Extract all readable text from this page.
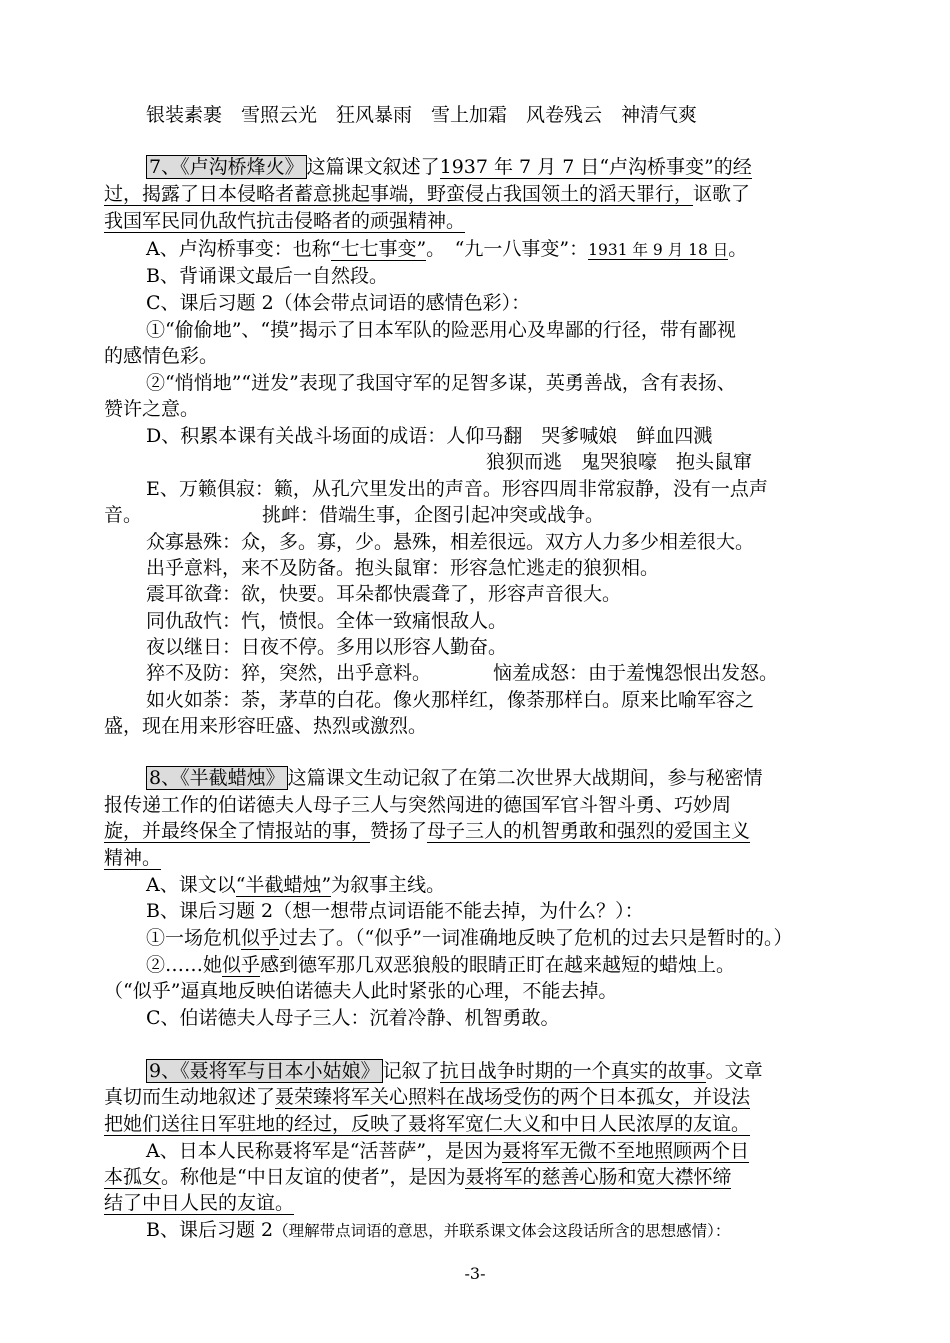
银装素裹　雪照云光　狂风暴雨　雪上加霜　风卷残云　神清气爽
7、《卢沟桥烽火》 这篇课文叙述了1937 年 7 月 7 日“卢沟桥事变”的经
过，揭露了日本侵略者蓄意挑起事端，野蛮侵占我国领土的滔天罪行，讴歌了
我国军民同仇敌忾抗击侵略者的顽强精神。
A、卢沟桥事变：也称“七七事变”。　“九一八事变”：1931 年 9 月 18 日。
B、背诵课文最后一自然段。
C、课后习题 2（体会带点词语的感情色彩）：
①“偷偷地”、“摸”揭示了日本军队的险恶用心及卑鄙的行径，带有鄙视
的感情色彩。
②“悄悄地”“迸发”表现了我国守军的足智多谋，英勇善战，含有表扬、
赞许之意。
D、积累本课有关战斗场面的成语：人仰马翻　哭爹喊娘　鲜血四溅
狼狈而逃　鬼哭狼嚎　抱头鼠窜
E、万籁俱寂：籁，从孔穴里发出的声音。形容四周非常寂静，没有一点声
音。	挑衅：借端生事，企图引起冲突或战争。
众寡悬殊：众，多。寡，少。悬殊，相差很远。双方人力多少相差很大。
出乎意料，来不及防备。抱头鼠窜：形容急忙逃走的狼狈相。
震耳欲聋：欲，快要。耳朵都快震聋了，形容声音很大。
同仇敌忾：忾，愤恨。全体一致痛恨敌人。
夜以继日：日夜不停。多用以形容人勤奋。
猝不及防：猝，突然，出乎意料。	恼羞成怒：由于羞愧怨恨出发怒。
如火如荼：荼，茅草的白花。像火那样红，像荼那样白。原来比喻军容之
盛，现在用来形容旺盛、热烈或激烈。
8、《半截蜡烛》 这篇课文生动记叙了在第二次世界大战期间，参与秘密情
报传递工作的伯诺德夫人母子三人与突然闯进的德国军官斗智斗勇、巧妙周
旋，并最终保全了情报站的事，赞扬了母子三人的机智勇敢和强烈的爱国主义
精神。
A、课文以“半截蜡烛”为叙事主线。
B、课后习题 2（想一想带点词语能不能去掉，为什么？）：
①一场危机似乎过去了。（“似乎”一词准确地反映了危机的过去只是暂时的。）
②……她似乎感到德军那几双恶狼般的眼睛正盯在越来越短的蜡烛上。
（“似乎”逼真地反映伯诺德夫人此时紧张的心理，不能去掉。
C、伯诺德夫人母子三人：沉着冷静、机智勇敢。
9、《聂将军与日本小姑娘》 记叙了抗日战争时期的一个真实的故事。文章
真切而生动地叙述了聂荣臻将军关心照料在战场受伤的两个日本孤女，并设法
把她们送往日军驻地的经过，反映了聂将军宽仁大义和中日人民浓厚的友谊。
A、日本人民称聂将军是“活菩萨”，是因为聂将军无微不至地照顾两个日
本孤女。称他是“中日友谊的使者”，是因为聂将军的慈善心肠和宽大襟怀缔
结了中日人民的友谊。
B、课后习题 2（理解带点词语的意思，并联系课文体会这段话所含的思想感情）：
-3-
